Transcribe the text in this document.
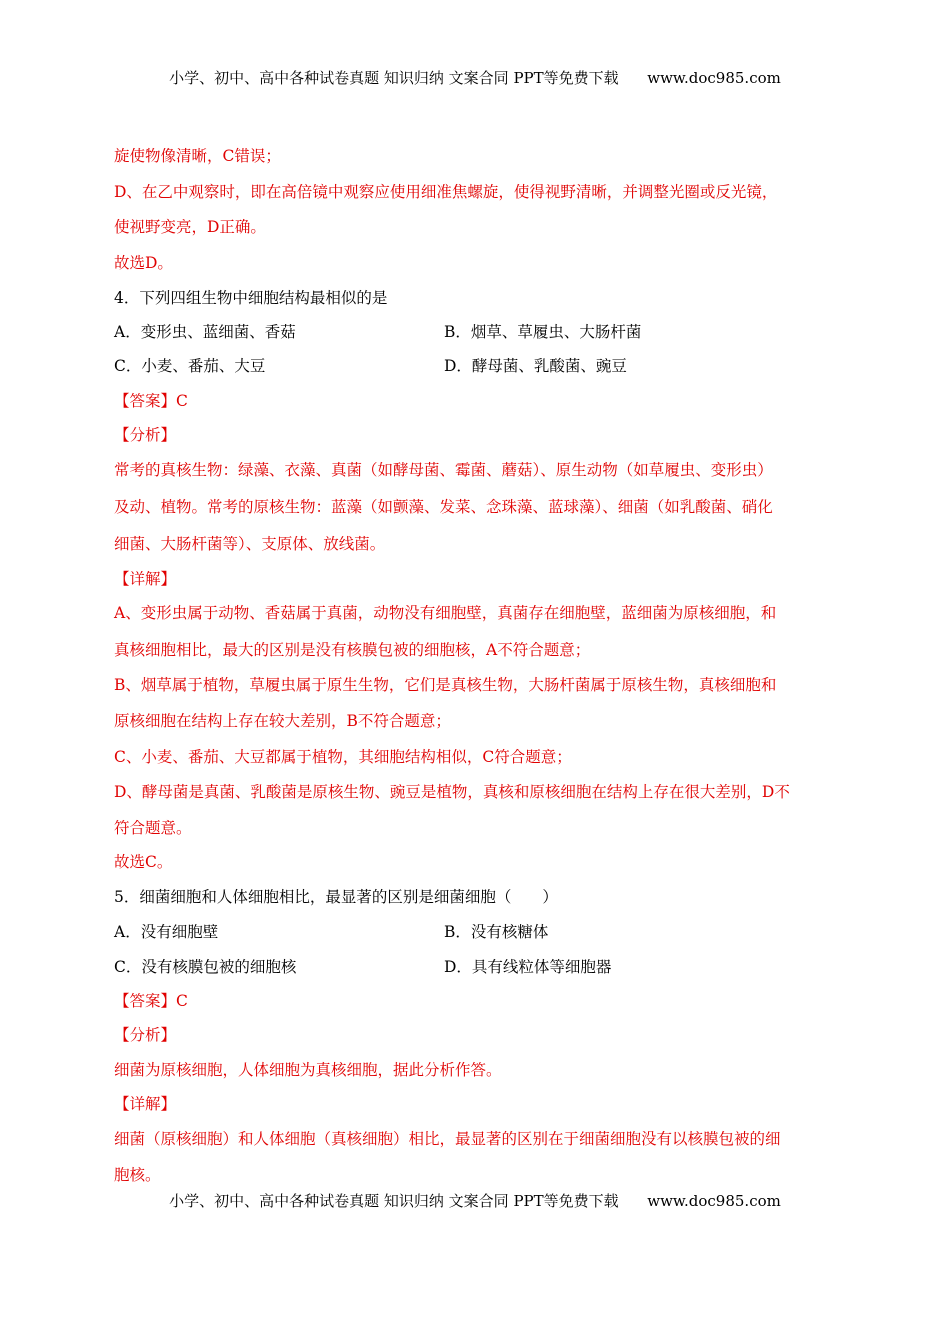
小学、初中、高中各种试卷真题 知识归纳 文案合同 PPT等免费下载 www.doc985.com
旋使物像清晰，C错误；
D、在乙中观察时，即在高倍镜中观察应使用细准焦螺旋，使得视野清晰，并调整光圈或反光镜，
使视野变亮，D正确。
故选D。
4．下列四组生物中细胞结构最相似的是
A．变形虫、蓝细菌、香菇	B．烟草、草履虫、大肠杆菌
C．小麦、番茄、大豆	D．酵母菌、乳酸菌、豌豆
【答案】C
【分析】
常考的真核生物：绿藻、衣藻、真菌（如酵母菌、霉菌、蘑菇）、原生动物（如草履虫、变形虫）
及动、植物。常考的原核生物：蓝藻（如颤藻、发菜、念珠藻、蓝球藻）、细菌（如乳酸菌、硝化
细菌、大肠杆菌等）、支原体、放线菌。
【详解】
A、变形虫属于动物、香菇属于真菌，动物没有细胞壁，真菌存在细胞壁，蓝细菌为原核细胞，和
真核细胞相比，最大的区别是没有核膜包被的细胞核，A不符合题意；
B、烟草属于植物，草履虫属于原生生物，它们是真核生物，大肠杆菌属于原核生物，真核细胞和
原核细胞在结构上存在较大差别，B不符合题意；
C、小麦、番茄、大豆都属于植物，其细胞结构相似，C符合题意；
D、酵母菌是真菌、乳酸菌是原核生物、豌豆是植物，真核和原核细胞在结构上存在很大差别，D不
符合题意。
故选C。
5．细菌细胞和人体细胞相比，最显著的区别是细菌细胞（　　）
A．没有细胞壁	B．没有核糖体
C．没有核膜包被的细胞核	D．具有线粒体等细胞器
【答案】C
【分析】
细菌为原核细胞，人体细胞为真核细胞，据此分析作答。
【详解】
细菌（原核细胞）和人体细胞（真核细胞）相比，最显著的区别在于细菌细胞没有以核膜包被的细
胞核。
小学、初中、高中各种试卷真题 知识归纳 文案合同 PPT等免费下载 www.doc985.com
